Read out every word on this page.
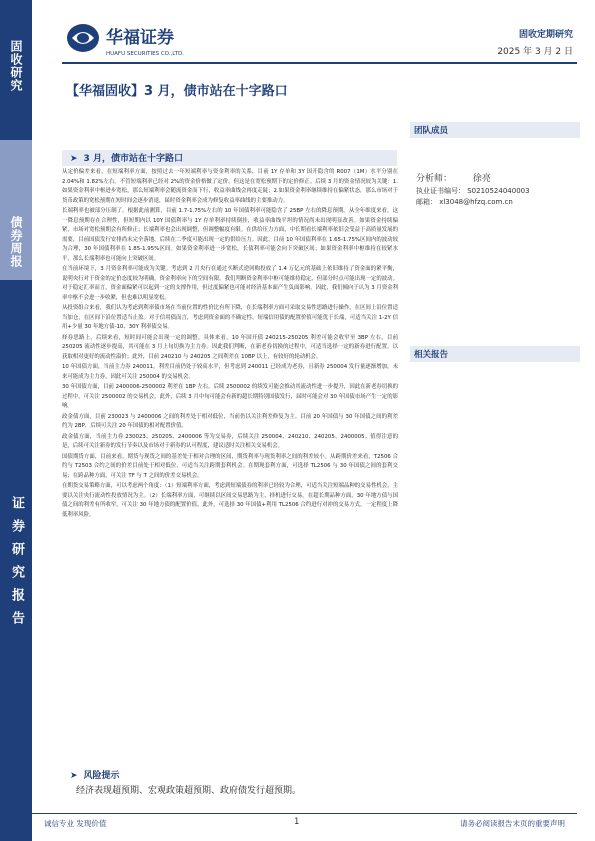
固收研究
债券周报
证券研究报告
华福证券
HUAFU SECURITIES CO.,LTD.
固收定期研究
2025 年 3 月 2 日
【华福固收】3 月，债市站在十字路口
➤ 3 月，债市站在十字路口

从定价偏差来看，在短端利率方面，按照过去一年短端利率与资金利率的关系，目前 1Y 存单和 3Y 国开隐含的 R007（1M）水平分别在 2.04%和 1.82%左右。不管短端利率已经对 2%的资金价格做了定价，但这是在宽松预期下的定价修正。后续 3 月的资金情况较为关键：1.如果资金利率中枢进步宽松，那么短端利率会随流资金而下行，收益率曲线会再度走陡；2.如果资金利率继续维持在偏紧状态，那么市场对于货币政策的宽松预期在短时间会逐步消退，届时资金利率会成为修复收益率曲线的主要推动力。

长端利率也被部分压制了。根据此前测算，目前 1.7-1.75%左右的 10 年国债利率可能隐含了 25BP 左右的降息预期。从全年维度来看，这一降息预期存在合理性，但短期内以 10Y 国债利率与 1Y 存单利率持续倒挂，收益率曲线平坦的情况尚未出现明显改善。如果资金持续偏紧，市场对宽松预期会有所修正；长端利率也会出现调整，但调整幅度有限。在供给压力方面，中长期看长端利率依旧会受益于高质量发展的需要，目前国债发行安排尚未完全落地，后续在二季度可能出现一定的供给压力。因此，目前 10 年国债利率在 1.65-1.75%区间内的波动较为合理，30 年国债利率在 1.85-1.95%区间。如果资金利率进一步宽松，长债利率可能会向下突破区间；如果资金利率中枢维持在较紧水平，那么长端利率也可能向上突破区间。

在当前环境下，3 月资金利率可能成为关键。考虑到 2 月央行在通过买断式逆回购投放了 1.4 万亿元的基础上依旧维持了资金面的紧平衡，说明央行对于资金的定价态度较为明确，资金利率向下的空间有限。我们判断资金利率中枢可能维持稳定，但部分时点可能出现一定的波动。对于稳定汇率而言，资金面偏紧可以起到一定的支撑作用，但过度偏紧也可能对经济基本面产生负面影响。因此，我们倾向于认为 3 月资金利率中枢不会进一步收紧，但也难以明显宽松。

从投资组合来看，我们认为考虑到利率债市场在当前位置的性价比有所下降，在长端利率方面可采取交易性思路进行操作，在区间上沿位置适当加仓，在区间下沿位置适当止盈。对于信用债而言，考虑到资金面的不确定性，短端信用债的配置价值可能优于长端，可适当关注 1-2Y 信用+少量 30 年地方债-10、30Y 利率债交易。

择券思路上，后续来看，短时间可能会出现一定的调整。具体来看，10 年国开债 240215-250205 利差可能会收窄至 3BP 左右，目前 250205 流动性逐步提高，其可能在 3 月上旬切换为主力券。因此我们判断，在新老券切换的过程中，可适当选择一定的新券进行配置，以获取相对更好的流动性溢价；此外，目前 240210 与 240205 之间利差在 10BP 以上，有较好的轮动机会。

10 年国债方面，当前主力券 240011，利差目前仍处于较高水平，但考虑到 240011 已经成为老券，且新券 250004 发行量逐渐增加，未来可能成为主力券，因此可关注 250004 的交易机会。

30 年国债方面，目前 2400006-2500002 利差在 1BP 左右。后续 2500002 的续发可能会推动其流动性进一步提升，因此在新老券切换的过程中，可关注 2500002 的交易机会。此外，后续 3 月中旬可能会有新的超长期特别国债发行，届时可能会对 30 年国债市场产生一定的影响。

政金债方面，目前 230023 与 2400006 之间的利差处于相对低位，当前仍以关注利差修复为主。目前 20 年国债与 30 年国债之间的利差约为 2BP，后续可关注 20 年国债的相对配置价值。

政金债方面，当前主力券 230023、250205、2400006 等为交易券，后续关注 250004、240210、240205、2400005。值得注意的是，后续可关注新券的发行节奏以及市场对于新券的认可程度，建议适时关注相关交易机会。

国债期货方面，目前来看，期货与现货之间的基差处于相对合理的区间，期货利率与现货利率之间的利差较小。从跨期价差来看，T2506 合约与 T2503 合约之间的价差目前处于相对低位，可适当关注跨期套利机会。在期现套利方面，可选择 TL2506 与 30 年国债之间的套利交易；在跨品种方面，可关注 TF 与 T 之间的价差交易机会。

在期货交易策略方面，可以考虑两个角度：（1）短端利率方面，考虑到短端债券的利率已经较为合理，可适当关注短端品种的交易性机会，主要以关注央行流动性投放情况为主。（2）长端利率方面，可继续以区间交易思路为主，择机进行交易。在超长期品种方面，30 年地方债与国债之间的利差有所收窄，可关注 30 年地方债的配置价值。此外，可选择 30 年国债+利用 TL2506 合约进行对冲的交易方式，一定程度上降低利率风险。

➤ 风险提示
经济表现超预期、宏观政策超预期、政府债发行超预期。
团队成员
分析师： 徐亮
执业证书编号： S0210524040003
邮箱： xl3048@hfzq.com.cn
相关报告
诚信专业 发现价值	1	请务必阅读报告末页的重要声明
